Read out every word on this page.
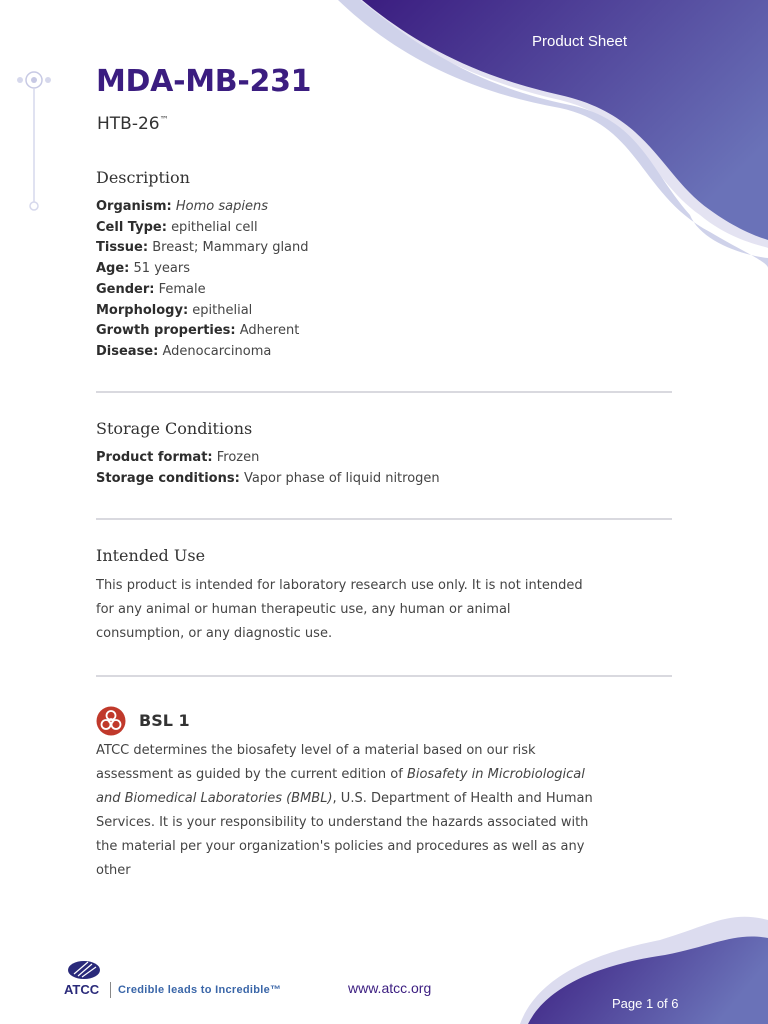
Product Sheet
MDA-MB-231
HTB-26™
Description
Organism: Homo sapiens
Cell Type: epithelial cell
Tissue: Breast; Mammary gland
Age: 51 years
Gender: Female
Morphology: epithelial
Growth properties: Adherent
Disease: Adenocarcinoma
Storage Conditions
Product format: Frozen
Storage conditions: Vapor phase of liquid nitrogen
Intended Use
This product is intended for laboratory research use only. It is not intended for any animal or human therapeutic use, any human or animal consumption, or any diagnostic use.
BSL 1
ATCC determines the biosafety level of a material based on our risk assessment as guided by the current edition of Biosafety in Microbiological and Biomedical Laboratories (BMBL), U.S. Department of Health and Human Services. It is your responsibility to understand the hazards associated with the material per your organization's policies and procedures as well as any other
ATCC Credible leads to Incredible™	www.atcc.org
Page 1 of 6
